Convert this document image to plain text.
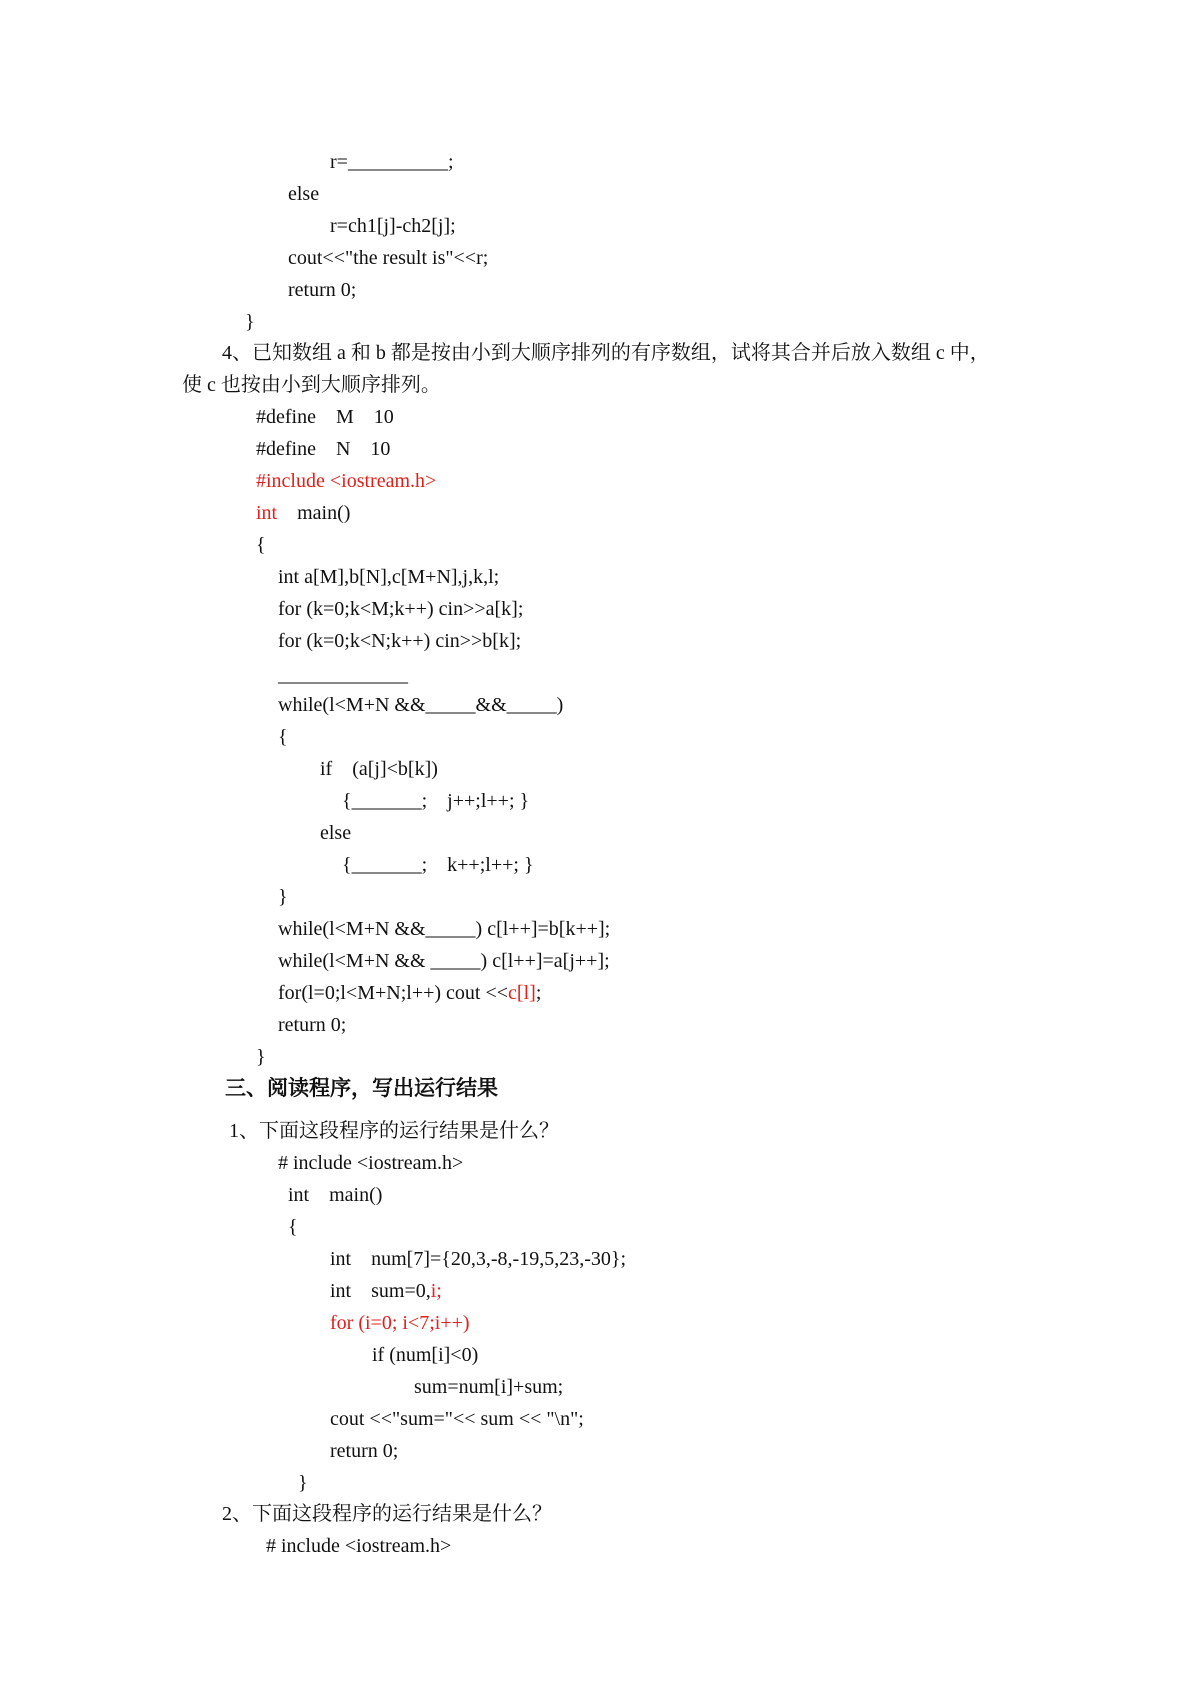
r=__________;
else
r=ch1[j]-ch2[j];
cout<<"the result is"<<r;
return 0;
}
4、已知数组 a 和 b 都是按由小到大顺序排列的有序数组，试将其合并后放入数组 c 中，
使 c 也按由小到大顺序排列。
#define    M    10
#define    N    10
#include <iostream.h>
int    main()
{
int a[M],b[N],c[M+N],j,k,l;
for (k=0;k<M;k++) cin>>a[k];
for (k=0;k<N;k++) cin>>b[k];
_____________
while(l<M+N &&_____&&_____)
{
if    (a[j]<b[k])
{_______;    j++;l++; }
else
{_______;    k++;l++; }
}
while(l<M+N &&_____) c[l++]=b[k++];
while(l<M+N && _____) c[l++]=a[j++];
for(l=0;l<M+N;l++) cout <<c[l];
return 0;
}
三、阅读程序，写出运行结果
1、下面这段程序的运行结果是什么？
# include <iostream.h>
int    main()
{
int    num[7]={20,3,-8,-19,5,23,-30};
int    sum=0,i;
for (i=0; i<7;i++)
if (num[i]<0)
sum=num[i]+sum;
cout <<"sum="<< sum << "\n";
return 0;
}
2、下面这段程序的运行结果是什么？
# include <iostream.h>
